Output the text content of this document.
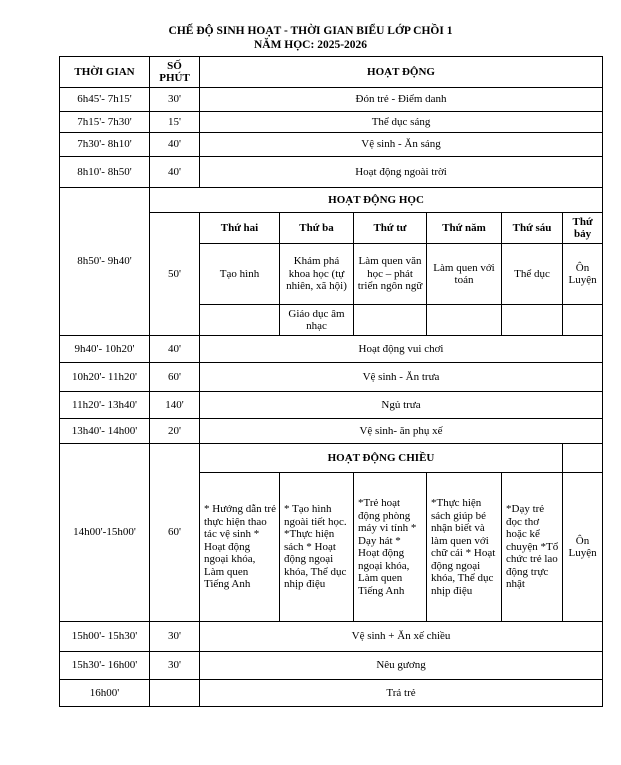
CHẾ ĐỘ SINH HOẠT - THỜI GIAN BIỂU LỚP CHỒI 1
NĂM HỌC: 2025-2026
THỜI GIAN	SỐ PHÚT	HOẠT ĐỘNG					
6h45'- 7h15'	30'	Đón trẻ - Điểm danh					
7h15'- 7h30'	15'	Thể dục sáng					
7h30'- 8h10'	40'	Vệ sinh - Ăn sáng					
8h10'- 8h50'	40'	Hoạt động ngoài trời					
8h50'- 9h40'	HOẠT ĐỘNG HỌC						
	50'	Thứ hai	Thứ ba	Thứ tư	Thứ năm	Thứ sáu	Thứ bảy
		Tạo hình	Khám phá khoa học (tự nhiên, xã hội)	Làm quen văn học – phát triển ngôn ngữ	Làm quen với toán	Thể dục	Ôn Luyện
			Giáo dục âm nhạc				
9h40'- 10h20'	40'	Hoạt động vui chơi					
10h20'- 11h20'	60'	Vệ sinh - Ăn trưa					
11h20'- 13h40'	140'	Ngủ trưa					
13h40'- 14h00'	20'	Vệ sinh- ăn phụ xế					
14h00'-15h00'	60'	HOẠT ĐỘNG CHIỀU					
		* Hướng dẫn trẻ thực hiện thao tác vệ sinh * Hoạt động ngoại khóa, Làm quen Tiếng Anh	* Tạo hình ngoài tiết học. *Thực hiện sách * Hoạt động ngoại khóa, Thể dục nhịp điệu	*Trẻ hoạt động phòng máy vi tính * Dạy hát * Hoạt động ngoại khóa, Làm quen Tiếng Anh	*Thực hiện sách giúp bé nhận biết và làm quen với chữ cái * Hoạt động ngoại khóa, Thể dục nhịp điệu	*Dạy trẻ đọc thơ hoặc kể chuyện *Tổ chức trẻ lao động trực nhật	Ôn Luyện
15h00'- 15h30'	30'	Vệ sinh + Ăn xế chiều					
15h30'- 16h00'	30'	Nêu gương					
16h00'		Trả trẻ					
